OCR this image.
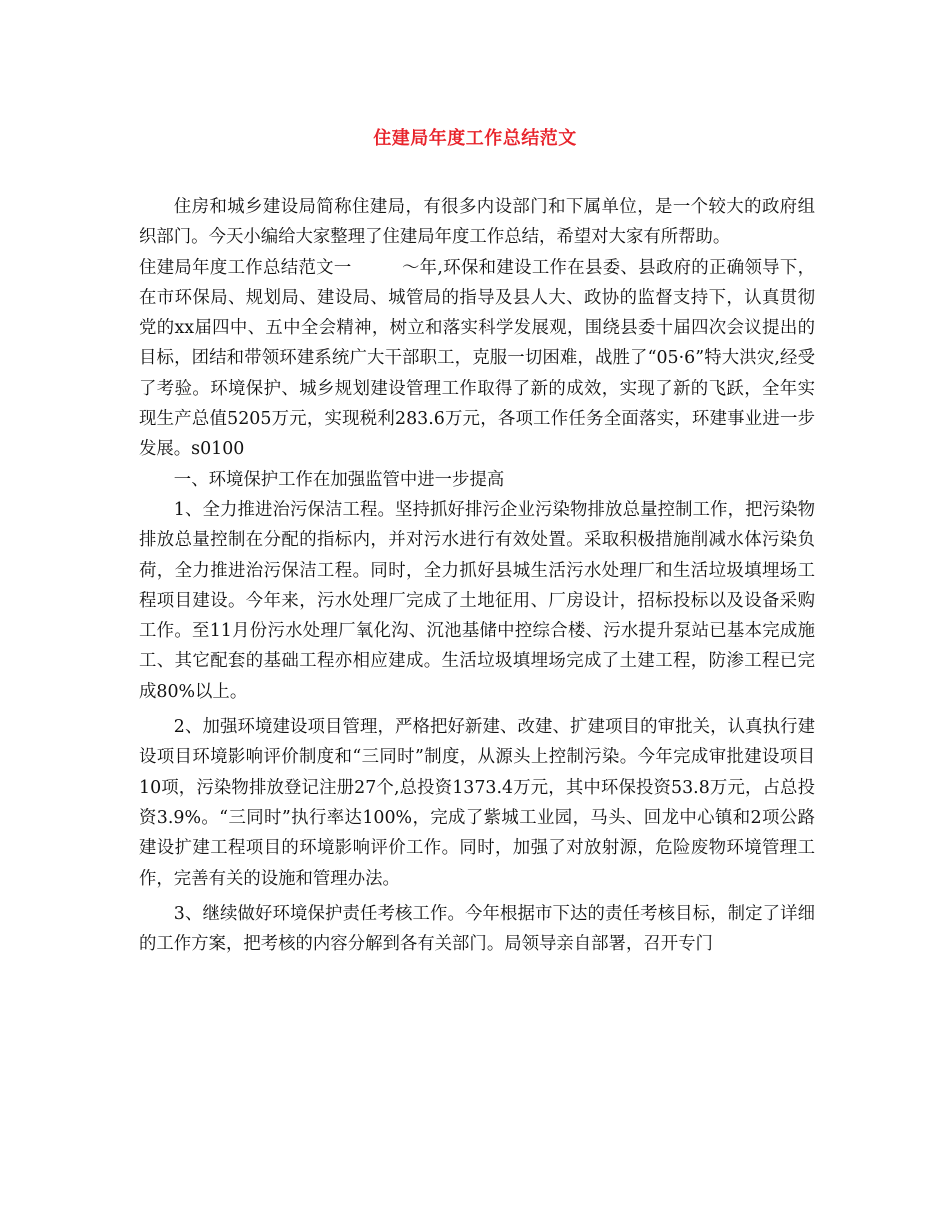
住建局年度工作总结范文

住房和城乡建设局简称住建局，有很多内设部门和下属单位，是一个较大的政府组织部门。今天小编给大家整理了住建局年度工作总结，希望对大家有所帮助。
住建局年度工作总结范文一	～年,环保和建设工作在县委、县政府的正确领导下，在市环保局、规划局、建设局、城管局的指导及县人大、政协的监督支持下，认真贯彻党的xx届四中、五中全会精神，树立和落实科学发展观，围绕县委十届四次会议提出的目标，团结和带领环建系统广大干部职工，克服一切困难，战胜了“05·6”特大洪灾,经受了考验。环境保护、城乡规划建设管理工作取得了新的成效，实现了新的飞跃，全年实现生产总值5205万元，实现税利283.6万元，各项工作任务全面落实，环建事业进一步发展。s0100

一、环境保护工作在加强监管中进一步提高

1、全力推进治污保洁工程。坚持抓好排污企业污染物排放总量控制工作，把污染物排放总量控制在分配的指标内，并对污水进行有效处置。采取积极措施削减水体污染负荷，全力推进治污保洁工程。同时，全力抓好县城生活污水处理厂和生活垃圾填埋场工程项目建设。今年来，污水处理厂完成了土地征用、厂房设计，招标投标以及设备采购工作。至11月份污水处理厂氧化沟、沉池基储中控综合楼、污水提升泵站已基本完成施工、其它配套的基础工程亦相应建成。生活垃圾填埋场完成了土建工程，防渗工程已完成80%以上。

2、加强环境建设项目管理，严格把好新建、改建、扩建项目的审批关，认真执行建设项目环境影响评价制度和“三同时”制度，从源头上控制污染。今年完成审批建设项目10项，污染物排放登记注册27个,总投资1373.4万元，其中环保投资53.8万元，占总投资3.9%。“三同时”执行率达100%，完成了紫城工业园，马头、回龙中心镇和2项公路建设扩建工程项目的环境影响评价工作。同时，加强了对放射源，危险废物环境管理工作，完善有关的设施和管理办法。

3、继续做好环境保护责任考核工作。今年根据市下达的责任考核目标，制定了详细的工作方案，把考核的内容分解到各有关部门。局领导亲自部署，召开专门
